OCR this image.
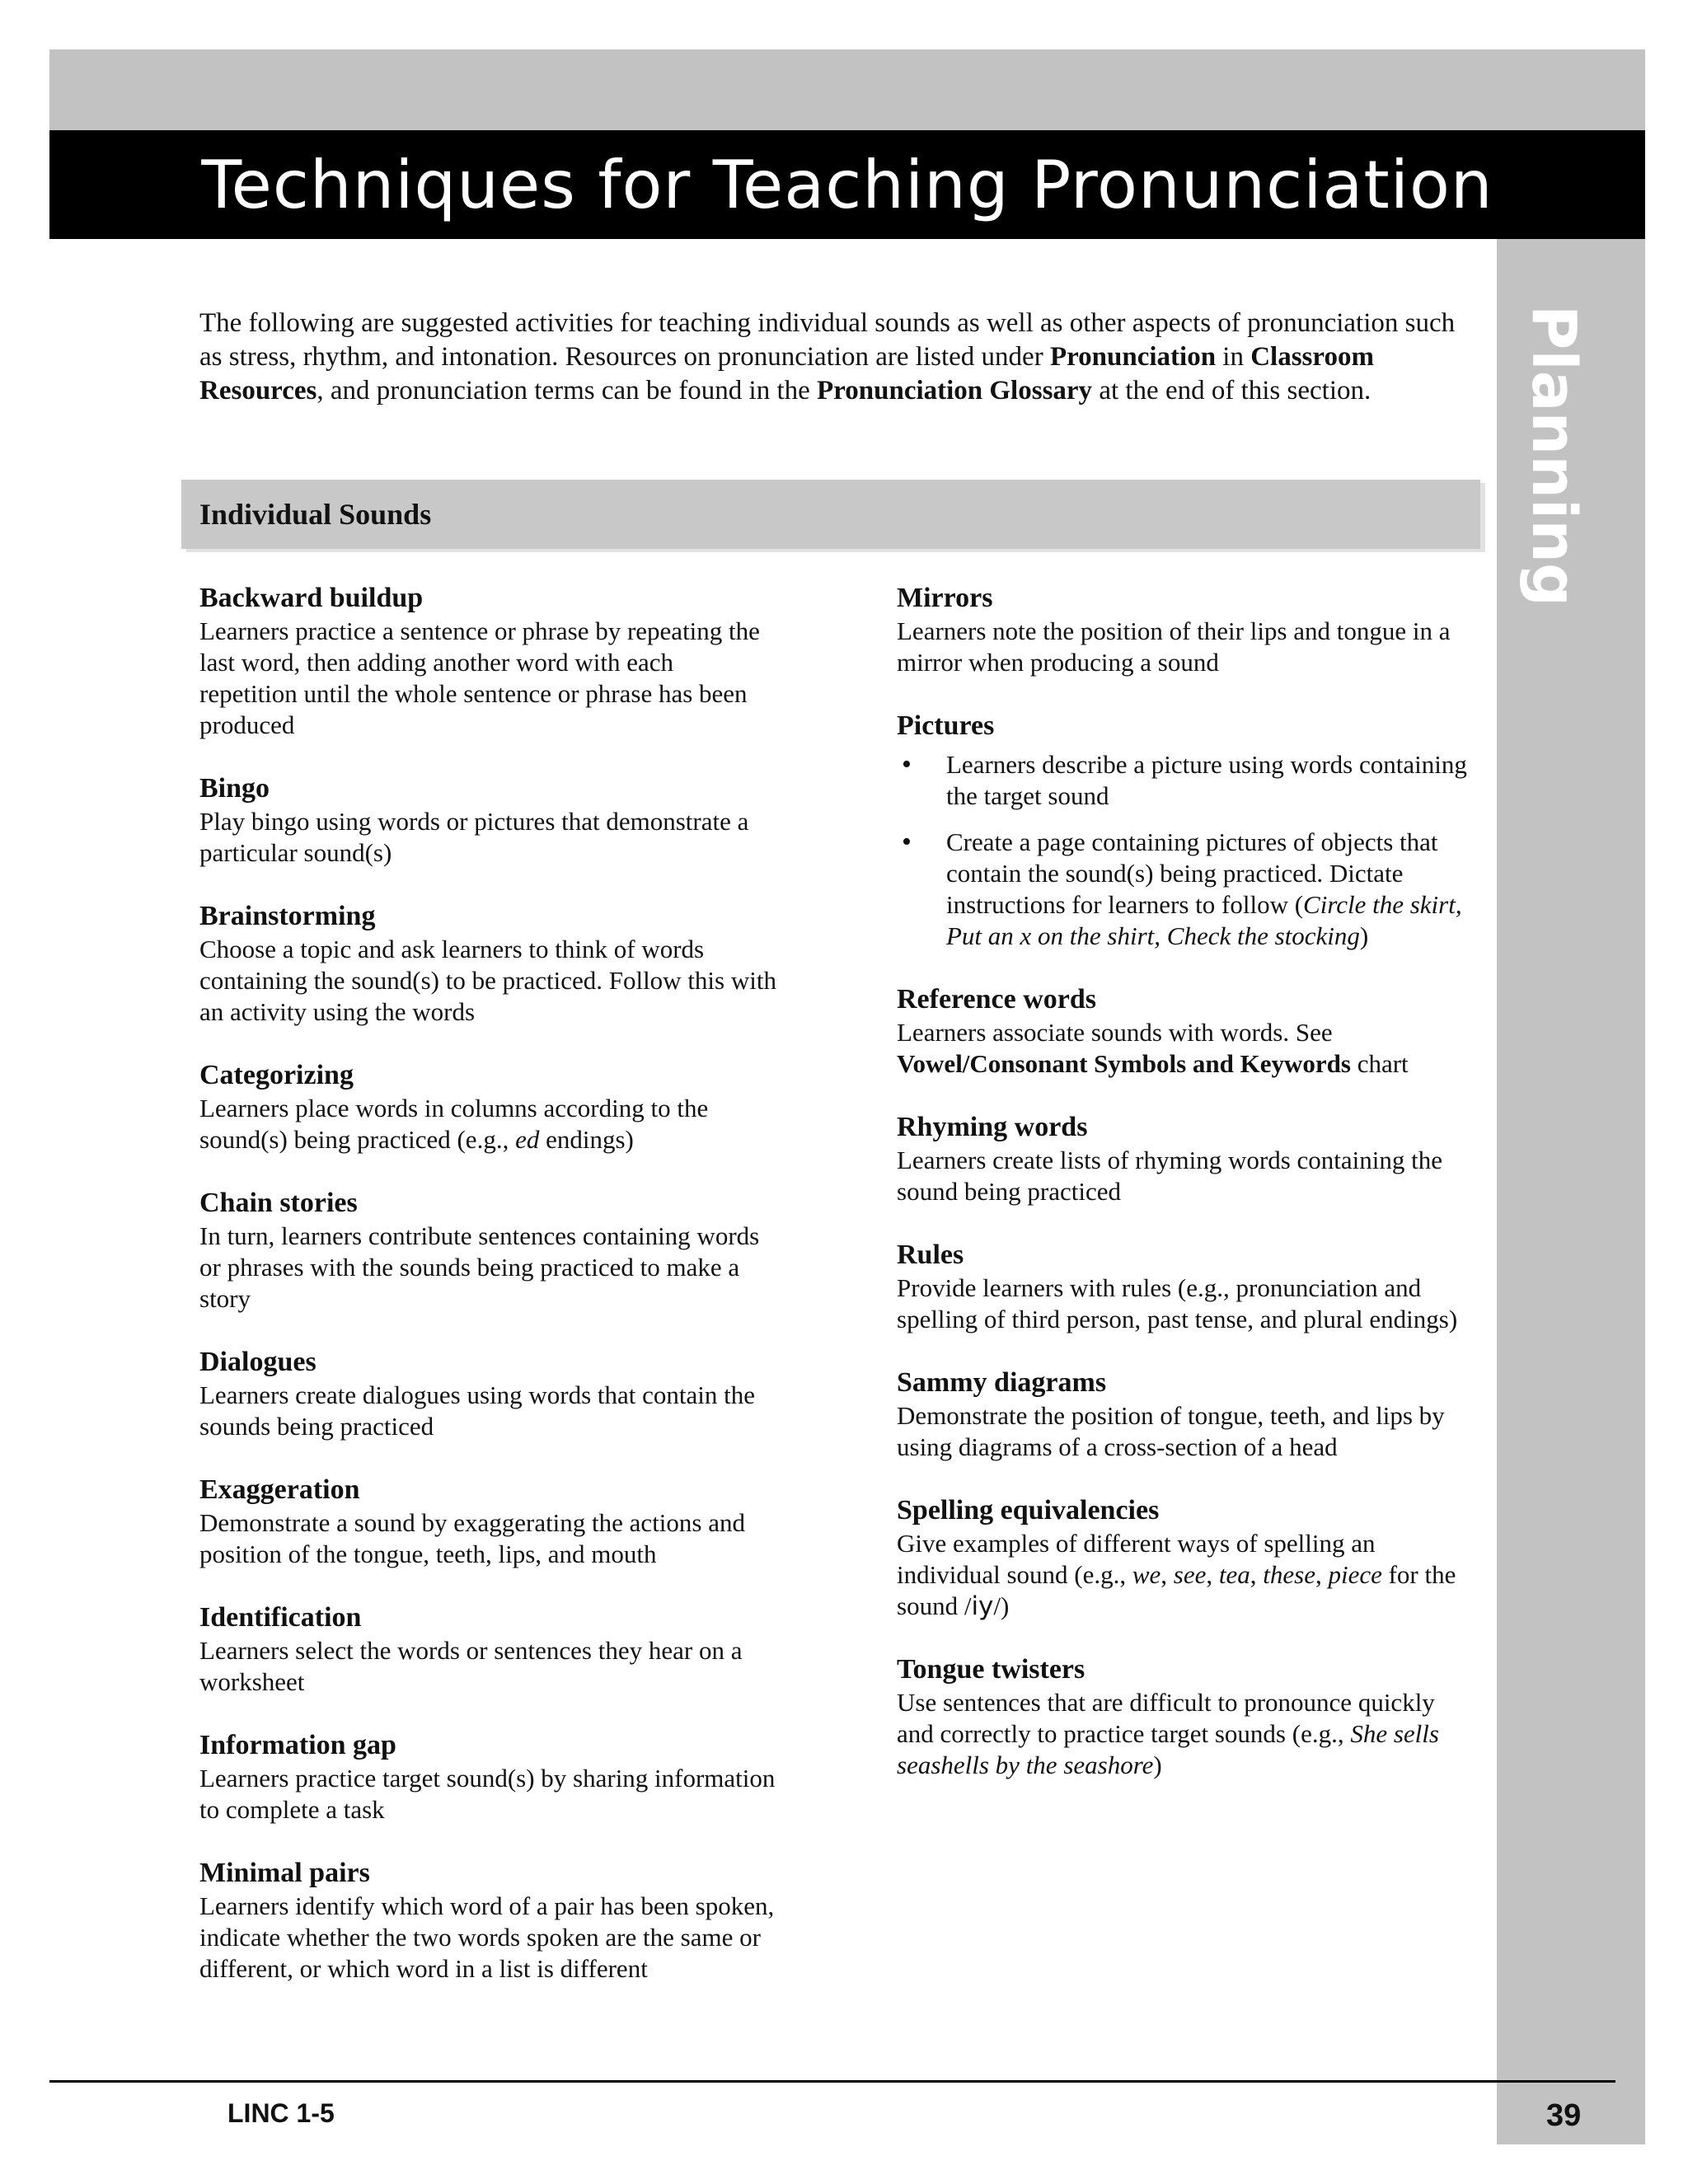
Techniques for Teaching Pronunciation
Planning
The following are suggested activities for teaching individual sounds as well as other aspects of pronunciation such as stress, rhythm, and intonation. Resources on pronunciation are listed under Pronunciation in Classroom Resources, and pronunciation terms can be found in the Pronunciation Glossary at the end of this section.
Individual Sounds
Backward buildup

Learners practice a sentence or phrase by repeating the last word, then adding another word with each repetition until the whole sentence or phrase has been produced

Bingo

Play bingo using words or pictures that demonstrate a particular sound(s)

Brainstorming

Choose a topic and ask learners to think of words containing the sound(s) to be practiced. Follow this with an activity using the words

Categorizing

Learners place words in columns according to the sound(s) being practiced (e.g., ed endings)

Chain stories

In turn, learners contribute sentences containing words or phrases with the sounds being practiced to make a story

Dialogues

Learners create dialogues using words that contain the sounds being practiced

Exaggeration

Demonstrate a sound by exaggerating the actions and position of the tongue, teeth, lips, and mouth

Identification

Learners select the words or sentences they hear on a worksheet

Information gap

Learners practice target sound(s) by sharing information to complete a task

Minimal pairs

Learners identify which word of a pair has been spoken, indicate whether the two words spoken are the same or different, or which word in a list is different

Mirrors

Learners note the position of their lips and tongue in a mirror when producing a sound

Pictures
• Learners describe a picture using words containing the target sound
• Create a page containing pictures of objects that contain the sound(s) being practiced. Dictate instructions for learners to follow (Circle the skirt, Put an x on the shirt, Check the stocking)
Reference words

Learners associate sounds with words. See Vowel/Consonant Symbols and Keywords chart

Rhyming words

Learners create lists of rhyming words containing the sound being practiced

Rules

Provide learners with rules (e.g., pronunciation and spelling of third person, past tense, and plural endings)

Sammy diagrams

Demonstrate the position of tongue, teeth, and lips by using diagrams of a cross-section of a head

Spelling equivalencies

Give examples of different ways of spelling an individual sound (e.g., we, see, tea, these, piece for the sound /iy/)

Tongue twisters

Use sentences that are difficult to pronounce quickly and correctly to practice target sounds (e.g., She sells seashells by the seashore)

LINC 1-5	39
